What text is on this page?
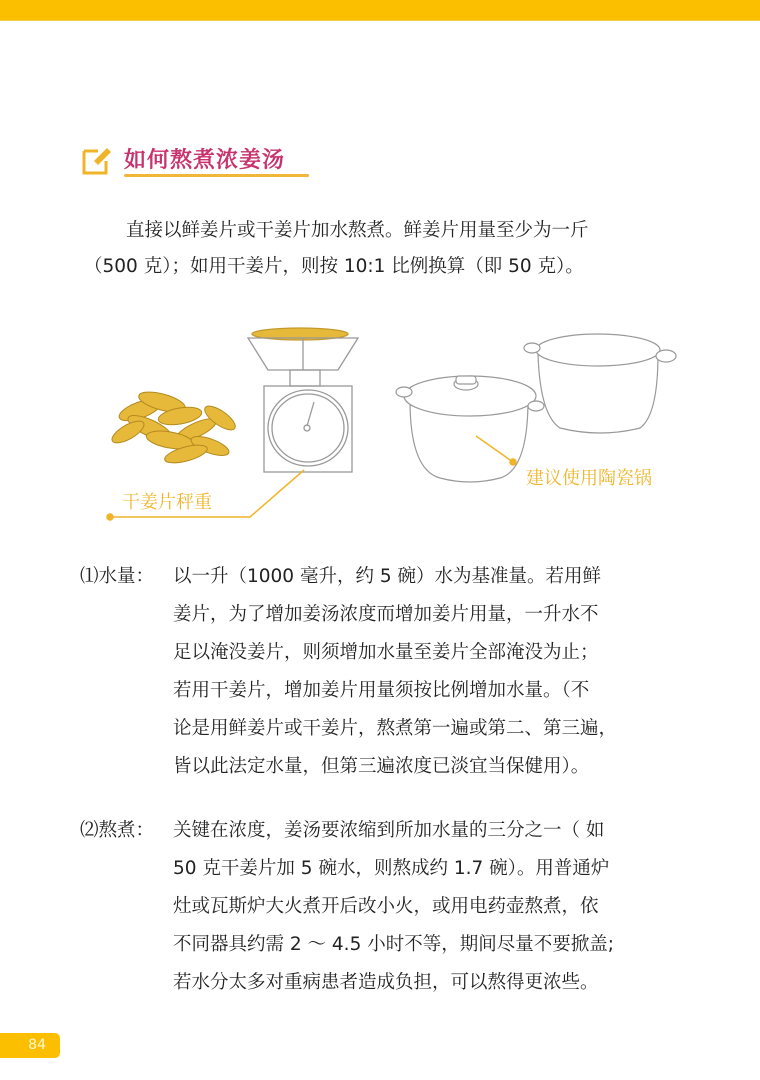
如何熬煮浓姜汤

直接以鲜姜片或干姜片加水熬煮。鲜姜片用量至少为一斤

（500 克）；如用干姜片，则按 10:1 比例换算（即 50 克）。

干姜片秤重
建议使用陶瓷锅
⑴水量：	以一升（1000 毫升，约 5 碗）水为基准量。若用鲜
姜片，为了增加姜汤浓度而增加姜片用量，一升水不
足以淹没姜片，则须增加水量至姜片全部淹没为止；
若用干姜片，增加姜片用量须按比例增加水量。（不
论是用鲜姜片或干姜片，熬煮第一遍或第二、第三遍，
皆以此法定水量，但第三遍浓度已淡宜当保健用）。
⑵熬煮：	关键在浓度，姜汤要浓缩到所加水量的三分之一（ 如
50 克干姜片加 5 碗水，则熬成约 1.7 碗）。用普通炉
灶或瓦斯炉大火煮开后改小火，或用电药壶熬煮，依
不同器具约需 2 ～ 4.5 小时不等，期间尽量不要掀盖;
若水分太多对重病患者造成负担，可以熬得更浓些。
84
